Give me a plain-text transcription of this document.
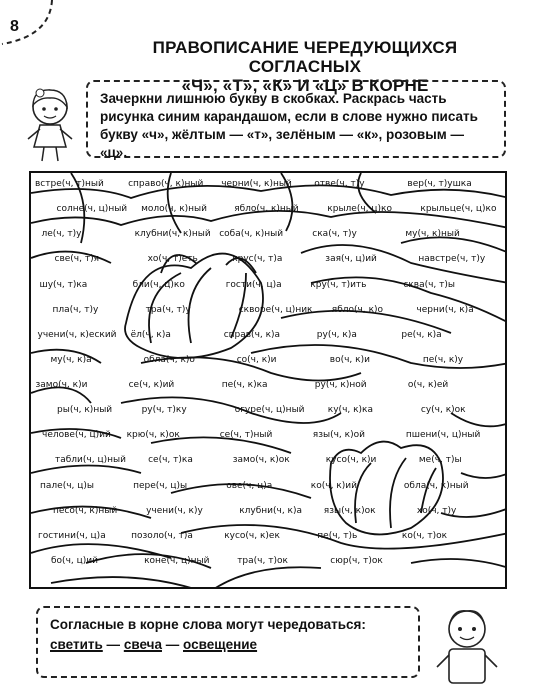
8
ПРАВОПИСАНИЕ ЧЕРЕДУЮЩИХСЯ СОГЛАСНЫХ
«Ч», «Т», «К» И «Ц» В КОРНЕ
Зачеркни лишнюю букву в скобках. Раскрась часть рисунка синим карандашом, если в слове нужно писать букву «ч», жёлтым — «т», зелёным — «к», розовым — «ц».
встре(ч, т)ный	справо(ч, к)ный черни(ч, к)ный отве(ч, т)у	вер(ч, т)ушка
солне(ч, ц)ный моло(ч, к)ный	ябло(ч, к)ный	крыле(ч, ц)ко	крыльце(ч, ц)ко
ле(ч, т)у	клубни(ч, к)ный соба(ч, к)ный	ска(ч, т)у	му(ч, к)ный
свe(ч, т)я	хо(ч, т)еть	крус(ч, т)а	зая(ч, ц)ий	навстре(ч, т)у
шу(ч, т)ка	бли(ч, ц)ко	гости(ч, ц)а	кру(ч, т)ить	сква(ч, т)ы
пла(ч, т)у	тра(ч, т)у	скворе(ч, ц)ник ябло(ч, к)о	черни(ч, к)а
учени(ч, к)еский ёл(ч, к)а	справ(ч, к)а	ру(ч, к)а	ре(ч, к)а
му(ч, к)а	обла(ч, к)о	со(ч, к)и	во(ч, к)и	пе(ч, к)у
замо(ч, к)и	се(ч, к)ий	пe(ч, к)ка	ру(ч, к)ной	о(ч, к)ей
ры(ч, к)ный	ру(ч, т)ку	огурe(ч, ц)ный	ку(ч, к)ка	су(ч, к)ок
челове(ч, ц)ий крю(ч, к)ок	се(ч, т)ный	язы(ч, к)ой	пшени(ч, ц)ный
табли(ч, ц)ный се(ч, т)ка	замо(ч, к)ок	кусо(ч, к)и	ме(ч, т)ы
пале(ч, ц)ы	пере(ч, ц)ы	ове(ч, ц)а	ко(ч, к)ий	обла(ч, к)ный
песо(ч, к)ный	учени(ч, к)у	клубни(ч, к)а язы(ч, к)ок	хо(ч, т)у
гостини(ч, ц)а	позоло(ч, т)а	кусо(ч, к)ек	пе(ч, т)ь	ко(ч, т)ок
бо(ч, ц)ий	коне(ч, ц)ный	тра(ч, т)ок	сюр(ч, т)ок
Согласные в корне слова могут чередоваться:
светить — свеча — освещение
